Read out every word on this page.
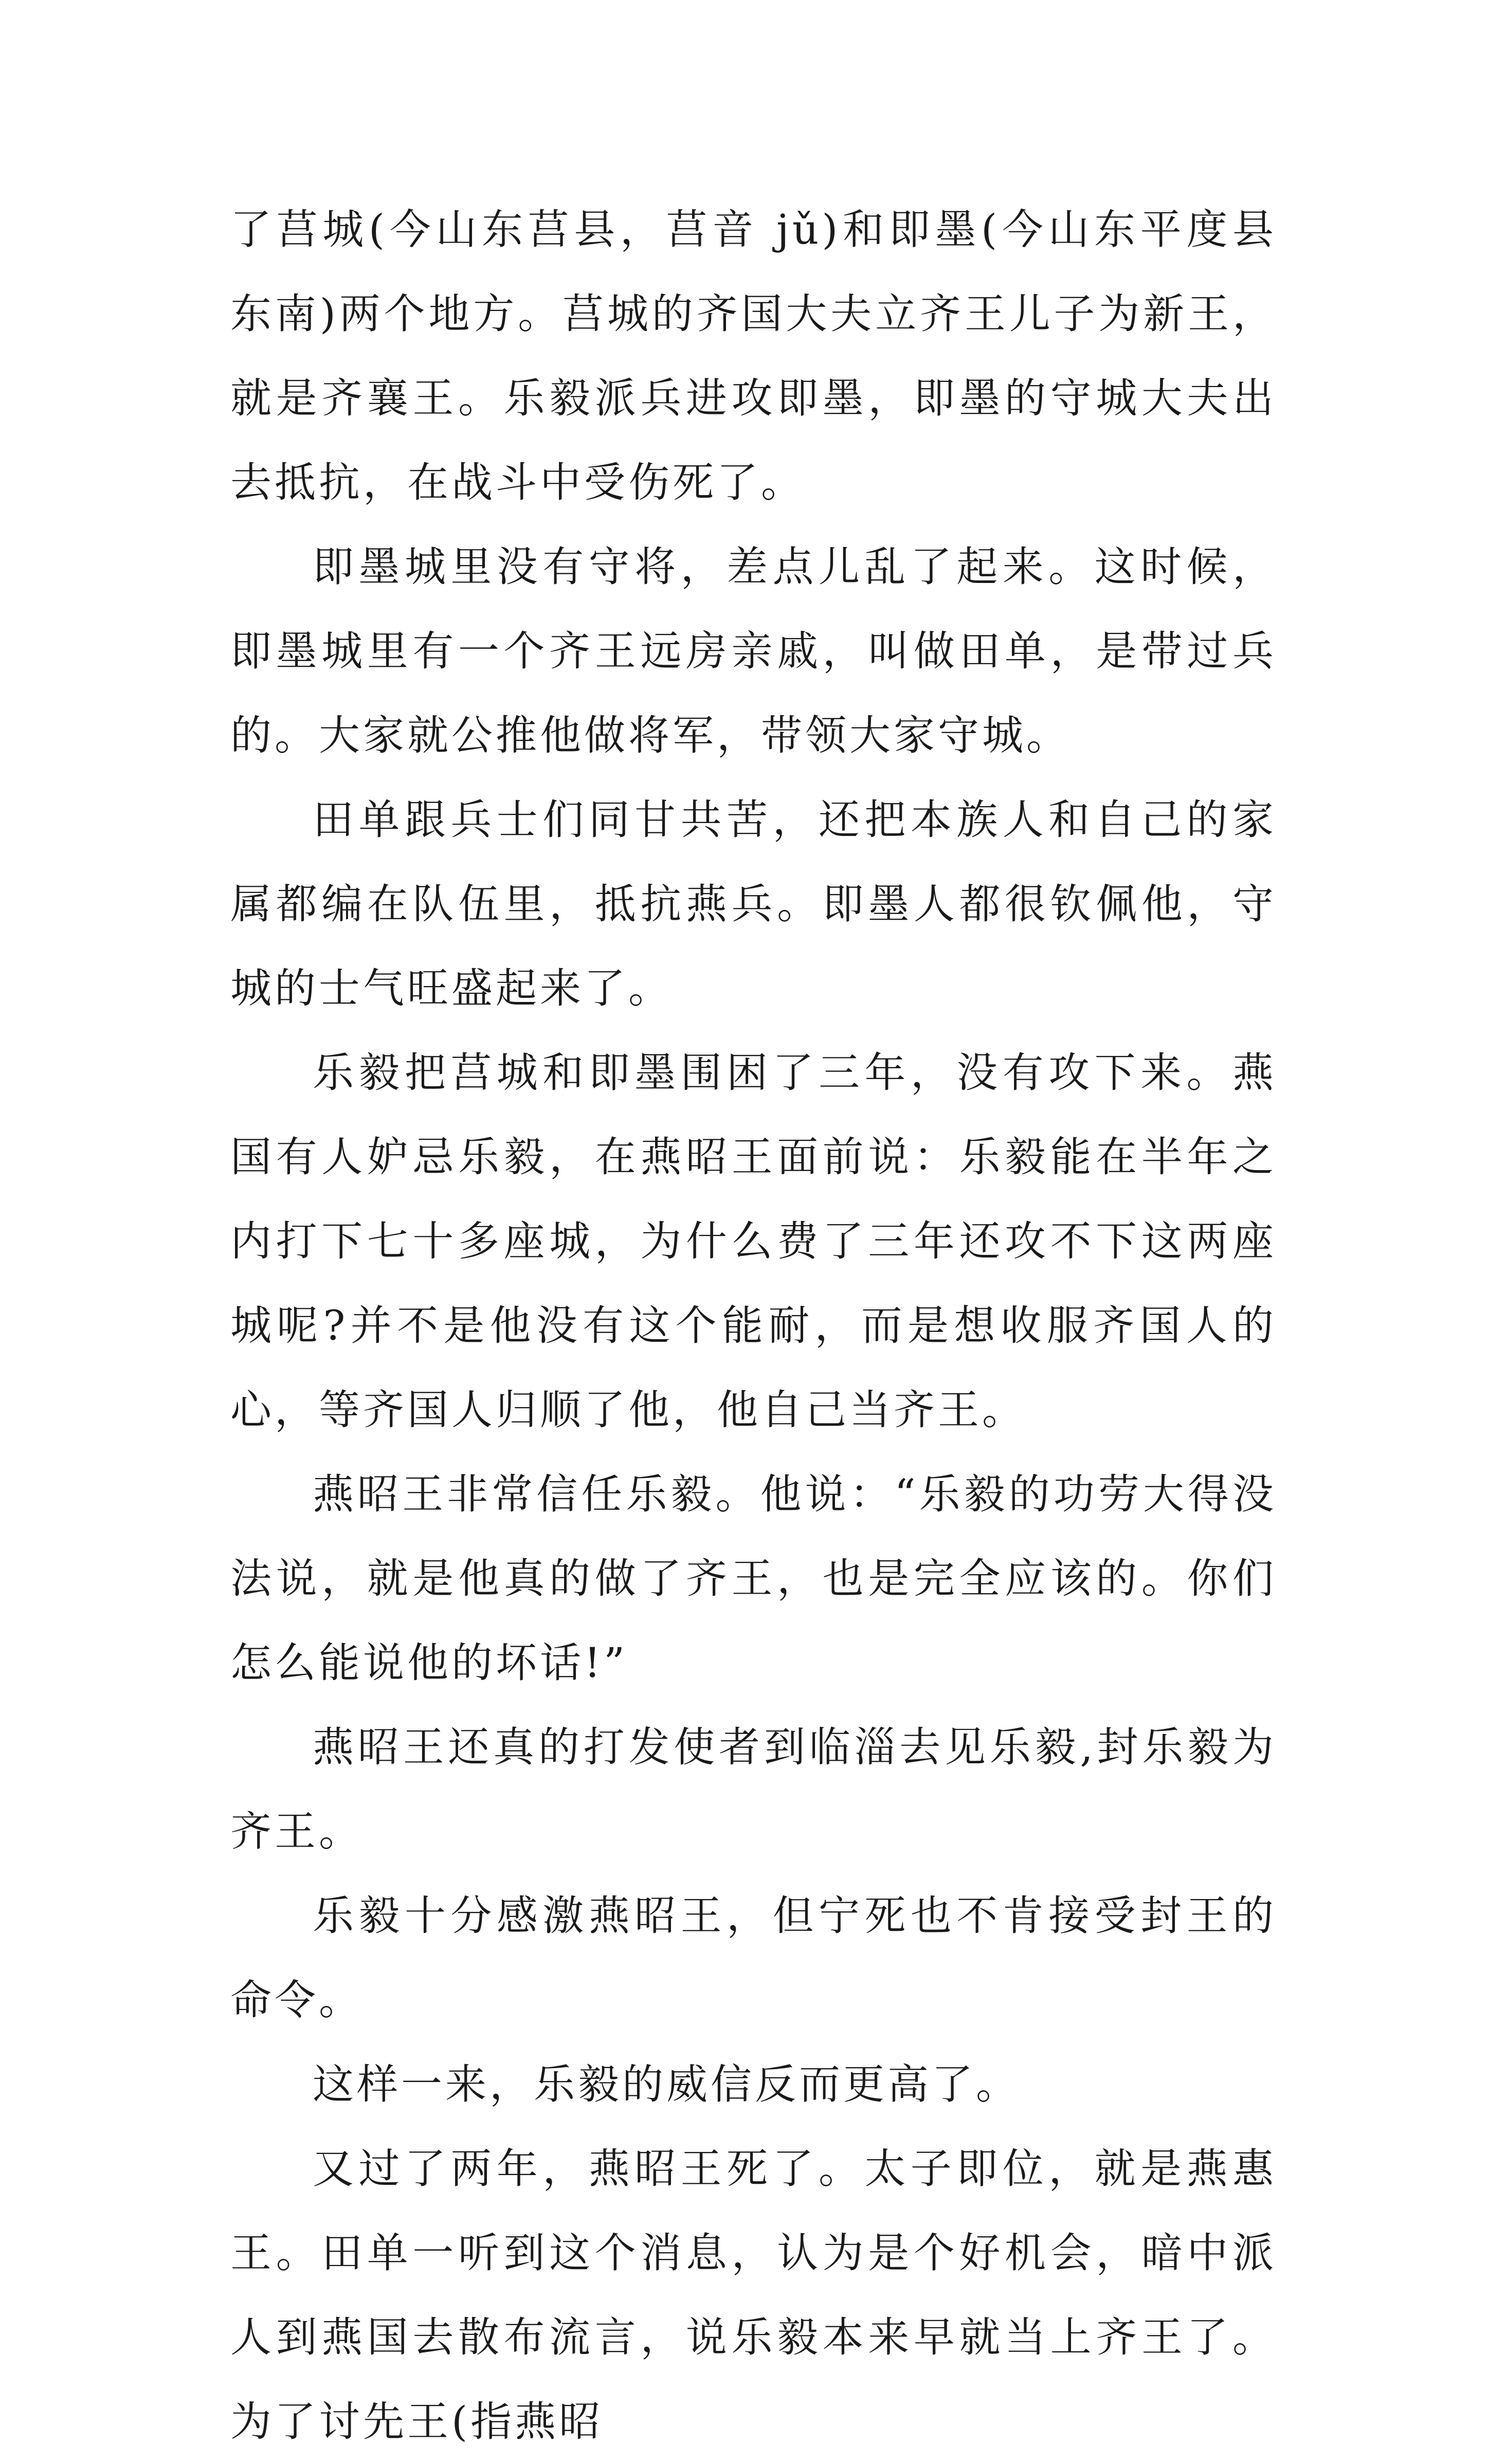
了莒城(今山东莒县，莒音 jǔ)和即墨(今山东平度县东南)两个地方。莒城的齐国大夫立齐王儿子为新王，就是齐襄王。乐毅派兵进攻即墨，即墨的守城大夫出去抵抗，在战斗中受伤死了。

即墨城里没有守将，差点儿乱了起来。这时候，即墨城里有一个齐王远房亲戚，叫做田单，是带过兵的。大家就公推他做将军，带领大家守城。

田单跟兵士们同甘共苦，还把本族人和自己的家属都编在队伍里，抵抗燕兵。即墨人都很钦佩他，守城的士气旺盛起来了。

乐毅把莒城和即墨围困了三年，没有攻下来。燕国有人妒忌乐毅，在燕昭王面前说：乐毅能在半年之内打下七十多座城，为什么费了三年还攻不下这两座城呢?并不是他没有这个能耐，而是想收服齐国人的心，等齐国人归顺了他，他自己当齐王。

燕昭王非常信任乐毅。他说：“乐毅的功劳大得没法说，就是他真的做了齐王，也是完全应该的。你们怎么能说他的坏话!”

燕昭王还真的打发使者到临淄去见乐毅,封乐毅为齐王。

乐毅十分感激燕昭王，但宁死也不肯接受封王的命令。

这样一来，乐毅的威信反而更高了。

又过了两年，燕昭王死了。太子即位，就是燕惠王。田单一听到这个消息，认为是个好机会，暗中派人到燕国去散布流言，说乐毅本来早就当上齐王了。为了讨先王(指燕昭
